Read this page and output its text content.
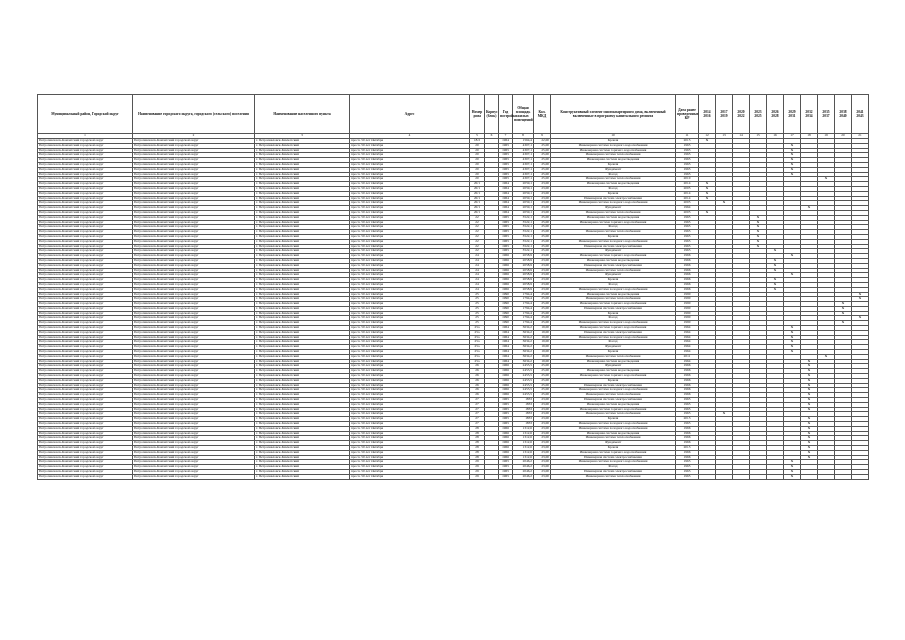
Муниципальный район, Городской округ	Наименование городского округа, городского (сельского) поселения	Наименование населенного пункта	Адрес	Номер дома	Корпус (блок)	Год постройки	Общая площадь жилых помещений	Кол. МКД	Конструктивный элемент многоквартирного дома, включенный включенные в программу капитального ремонта	Дата ранее проведенных КР	2014 2016	2017 2019	2020 2022	2023 2025	2026 2028	2029 2031	2032 2034	2035 2037	2038 2040	2041 2043
1	2	3	4	5	6	7	8	9	10	11	12	13	14	15	16	17	18	19	20	21
Петропавловск-Камчатский городской округ	Петропавловск-Камчатский городской округ	г. Петропавловск-Камчатский	просп. 50 лет Октября	18/2		1964	1564,4	22,00	Кровля	2015	X									
Петропавловск-Камчатский городской округ	Петропавловск-Камчатский городской округ	г. Петропавловск-Камчатский	просп. 50 лет Октября	20		1965	4307,1	25,00	Инженерная система холодного водоснабжения	1965						X				
Петропавловск-Камчатский городской округ	Петропавловск-Камчатский городской округ	г. Петропавловск-Камчатский	просп. 50 лет Октября	20		1965	4307,1	25,00	Инженерная система горячего водоснабжения	1965						X				
Петропавловск-Камчатский городской округ	Петропавловск-Камчатский городской округ	г. Петропавловск-Камчатский	просп. 50 лет Октября	20		1965	4307,1	25,00	Инженерная система теплоснабжения	1965						X				
Петропавловск-Камчатский городской округ	Петропавловск-Камчатский городской округ	г. Петропавловск-Камчатский	просп. 50 лет Октября	20		1965	4307,1	25,00	Инженерная система водоотведения	1965						X				
Петропавловск-Камчатский городской округ	Петропавловск-Камчатский городской округ	г. Петропавловск-Камчатский	просп. 50 лет Октября	20		1965	4307,1	25,00	Кровля	1965						X				
Петропавловск-Камчатский городской округ	Петропавловск-Камчатский городской округ	г. Петропавловск-Камчатский	просп. 50 лет Октября	20		1965	4307,1	25,00	Фундамент	1965						X				
Петропавловск-Камчатский городской округ	Петропавловск-Камчатский городской округ	г. Петропавловск-Камчатский	просп. 50 лет Октября	20		1965	4307,1	25,00	Фасад	1965						X				
Петропавловск-Камчатский городской округ	Петропавловск-Камчатский городской округ	г. Петропавловск-Камчатский	просп. 50 лет Октября	20		1965	4307,1	25,00	Инженерная система теплоснабжения	2010								X		
Петропавловск-Камчатский городской округ	Петропавловск-Камчатский городской округ	г. Петропавловск-Камчатский	просп. 50 лет Октября	20/1		1964	2059,1	23,00	Инженерная система водоотведения	2014	X									
Петропавловск-Камчатский городской округ	Петропавловск-Камчатский городской округ	г. Петропавловск-Камчатский	просп. 50 лет Октября	20/1		1964	2059,1	23,00	Фасад	2005	X									
Петропавловск-Камчатский городской округ	Петропавловск-Камчатский городской округ	г. Петропавловск-Камчатский	просп. 50 лет Октября	20/1		1964	2059,1	23,00	Кровля	2014	X									
Петропавловск-Камчатский городской округ	Петропавловск-Камчатский городской округ	г. Петропавловск-Камчатский	просп. 50 лет Октября	20/1		1964	2059,1	23,00	Инженерная система электроснабжения	2014	X									
Петропавловск-Камчатский городской округ	Петропавловск-Камчатский городской округ	г. Петропавловск-Камчатский	просп. 50 лет Октября	20/1		1964	2059,1	23,00	Инженерная система холодного водоснабжения	2005		X								
Петропавловск-Камчатский городской округ	Петропавловск-Камчатский городской округ	г. Петропавловск-Камчатский	просп. 50 лет Октября	20/1		1964	2059,1	23,00	Фундамент	1964							X			
Петропавловск-Камчатский городской округ	Петропавловск-Камчатский городской округ	г. Петропавловск-Камчатский	просп. 50 лет Октября	20/1		1964	2059,1	23,00	Инженерная система теплоснабжения	2005	X									
Петропавловск-Камчатский городской округ	Петропавловск-Камчатский городской округ	г. Петропавловск-Камчатский	просп. 50 лет Октября	22		1965	3522,1	25,00	Инженерная система водоотведения	1965				X						
Петропавловск-Камчатский городской округ	Петропавловск-Камчатский городской округ	г. Петропавловск-Камчатский	просп. 50 лет Октября	22		1965	3522,1	25,00	Инженерная система горячего водоснабжения	1965				X						
Петропавловск-Камчатский городской округ	Петропавловск-Камчатский городской округ	г. Петропавловск-Камчатский	просп. 50 лет Октября	22		1965	3522,1	25,00	Фасад	1965				X						
Петропавловск-Камчатский городской округ	Петропавловск-Камчатский городской округ	г. Петропавловск-Камчатский	просп. 50 лет Октября	22		1965	3522,1	25,00	Инженерная система теплоснабжения	1965				X						
Петропавловск-Камчатский городской округ	Петропавловск-Камчатский городской округ	г. Петропавловск-Камчатский	просп. 50 лет Октября	22		1965	3522,1	25,00	Кровля	1965				X						
Петропавловск-Камчатский городской округ	Петропавловск-Камчатский городской округ	г. Петропавловск-Камчатский	просп. 50 лет Октября	22		1965	3522,1	25,00	Инженерная система холодного водоснабжения	1965				X						
Петропавловск-Камчатский городской округ	Петропавловск-Камчатский городской округ	г. Петропавловск-Камчатский	просп. 50 лет Октября	22		1965	3522,1	25,00	Инженерная система электроснабжения	1965				X						
Петропавловск-Камчатский городской округ	Петропавловск-Камчатский городской округ	г. Петропавловск-Камчатский	просп. 50 лет Октября	22		1965	3522,1	25,00	Фундамент	1965					X					
Петропавловск-Камчатский городской округ	Петропавловск-Камчатский городской округ	г. Петропавловск-Камчатский	просп. 50 лет Октября	24		1966	2058,9	23,00	Инженерная система горячего водоснабжения	1966						X				
Петропавловск-Камчатский городской округ	Петропавловск-Камчатский городской округ	г. Петропавловск-Камчатский	просп. 50 лет Октября	24		1966	2058,9	23,00	Инженерная система водоотведения	1966					X					
Петропавловск-Камчатский городской округ	Петропавловск-Камчатский городской округ	г. Петропавловск-Камчатский	просп. 50 лет Октября	24		1966	2058,9	23,00	Инженерная система электроснабжения	1966					X					
Петропавловск-Камчатский городской округ	Петропавловск-Камчатский городской округ	г. Петропавловск-Камчатский	просп. 50 лет Октября	24		1966	2058,9	23,00	Инженерная система теплоснабжения	1966					X					
Петропавловск-Камчатский городской округ	Петропавловск-Камчатский городской округ	г. Петропавловск-Камчатский	просп. 50 лет Октября	24		1966	2058,9	23,00	Фундамент	1966						X				
Петропавловск-Камчатский городской округ	Петропавловск-Камчатский городской округ	г. Петропавловск-Камчатский	просп. 50 лет Октября	24		1966	2058,9	23,00	Кровля	1966					X					
Петропавловск-Камчатский городской округ	Петропавловск-Камчатский городской округ	г. Петропавловск-Камчатский	просп. 50 лет Октября	24		1966	2058,9	23,00	Фасад	1966					X					
Петропавловск-Камчатский городской округ	Петропавловск-Камчатский городской округ	г. Петропавловск-Камчатский	просп. 50 лет Октября	24		1966	2058,9	23,00	Инженерная система холодного водоснабжения	1966					X					
Петропавловск-Камчатский городской округ	Петропавловск-Камчатский городской округ	г. Петропавловск-Камчатский	просп. 50 лет Октября	25		1990	1794,4	25,00	Инженерная система водоотведения	1990										X
Петропавловск-Камчатский городской округ	Петропавловск-Камчатский городской округ	г. Петропавловск-Камчатский	просп. 50 лет Октября	25		1990	1794,4	25,00	Инженерная система теплоснабжения	1990										X
Петропавловск-Камчатский городской округ	Петропавловск-Камчатский городской округ	г. Петропавловск-Камчатский	просп. 50 лет Октября	25		1990	1794,4	25,00	Инженерная система горячего водоснабжения	1990									X	
Петропавловск-Камчатский городской округ	Петропавловск-Камчатский городской округ	г. Петропавловск-Камчатский	просп. 50 лет Октября	25		1990	1794,4	25,00	Инженерная система электроснабжения	1990									X	
Петропавловск-Камчатский городской округ	Петропавловск-Камчатский городской округ	г. Петропавловск-Камчатский	просп. 50 лет Октября	25		1990	1794,4	25,00	Кровля	1990									X	
Петропавловск-Камчатский городской округ	Петропавловск-Камчатский городской округ	г. Петропавловск-Камчатский	просп. 50 лет Октября	25		1990	1794,4	25,00	Фасад	1990										X
Петропавловск-Камчатский городской округ	Петропавловск-Камчатский городской округ	г. Петропавловск-Камчатский	просп. 50 лет Октября	25		1990	1794,4	25,00	Инженерная система холодного водоснабжения	1990									X	
Петропавловск-Камчатский городской округ	Петропавловск-Камчатский городской округ	г. Петропавловск-Камчатский	просп. 50 лет Октября	25а		1964	3634,2	19,00	Инженерная система горячего водоснабжения	1964						X				
Петропавловск-Камчатский городской округ	Петропавловск-Камчатский городской округ	г. Петропавловск-Камчатский	просп. 50 лет Октября	25а		1964	3634,2	19,00	Инженерная система электроснабжения	1964						X				
Петропавловск-Камчатский городской округ	Петропавловск-Камчатский городской округ	г. Петропавловск-Камчатский	просп. 50 лет Октября	25а		1964	3634,2	19,00	Инженерная система холодного водоснабжения	1964						X				
Петропавловск-Камчатский городской округ	Петропавловск-Камчатский городской округ	г. Петропавловск-Камчатский	просп. 50 лет Октября	25а		1964	3634,2	19,00	Фасад	1964						X				
Петропавловск-Камчатский городской округ	Петропавловск-Камчатский городской округ	г. Петропавловск-Камчатский	просп. 50 лет Октября	25а		1964	3634,2	19,00	Фундамент	1964						X				
Петропавловск-Камчатский городской округ	Петропавловск-Камчатский городской округ	г. Петропавловск-Камчатский	просп. 50 лет Октября	25а		1964	3634,2	19,00	Кровля	1964						X				
Петропавловск-Камчатский городской округ	Петропавловск-Камчатский городской округ	г. Петропавловск-Камчатский	просп. 50 лет Октября	25а		1964	3634,2	19,00	Инженерная система теплоснабжения	2011								X		
Петропавловск-Камчатский городской округ	Петропавловск-Камчатский городской округ	г. Петропавловск-Камчатский	просп. 50 лет Октября	25а		1964	3634,2	19,00	Инженерная система водоотведения	1964							X			
Петропавловск-Камчатский городской округ	Петропавловск-Камчатский городской округ	г. Петропавловск-Камчатский	просп. 50 лет Октября	26		1966	2453,5	25,00	Фундамент	1966							X			
Петропавловск-Камчатский городской округ	Петропавловск-Камчатский городской округ	г. Петропавловск-Камчатский	просп. 50 лет Октября	26		1966	2453,5	25,00	Инженерная система водоотведения	1966							X			
Петропавловск-Камчатский городской округ	Петропавловск-Камчатский городской округ	г. Петропавловск-Камчатский	просп. 50 лет Октября	26		1966	2453,5	25,00	Инженерная система горячего водоснабжения	1966							X			
Петропавловск-Камчатский городской округ	Петропавловск-Камчатский городской округ	г. Петропавловск-Камчатский	просп. 50 лет Октября	26		1966	2453,5	25,00	Кровля	1966							X			
Петропавловск-Камчатский городской округ	Петропавловск-Камчатский городской округ	г. Петропавловск-Камчатский	просп. 50 лет Октября	26		1966	2453,5	25,00	Инженерная система электроснабжения	1966							X			
Петропавловск-Камчатский городской округ	Петропавловск-Камчатский городской округ	г. Петропавловск-Камчатский	просп. 50 лет Октября	26		1966	2453,5	25,00	Инженерная система холодного водоснабжения	1966							X			
Петропавловск-Камчатский городской округ	Петропавловск-Камчатский городской округ	г. Петропавловск-Камчатский	просп. 50 лет Октября	26		1966	2453,5	25,00	Инженерная система теплоснабжения	1966							X			
Петропавловск-Камчатский городской округ	Петропавловск-Камчатский городской округ	г. Петропавловск-Камчатский	просп. 50 лет Октября	27		1965	1833	23,00	Инженерная система электроснабжения	1965							X			
Петропавловск-Камчатский городской округ	Петропавловск-Камчатский городской округ	г. Петропавловск-Камчатский	просп. 50 лет Октября	27		1965	1833	23,00	Инженерная система водоотведения	1965							X			
Петропавловск-Камчатский городской округ	Петропавловск-Камчатский городской округ	г. Петропавловск-Камчатский	просп. 50 лет Октября	27		1965	1833	23,00	Инженерная система горячего водоснабжения	1965							X			
Петропавловск-Камчатский городской округ	Петропавловск-Камчатский городской округ	г. Петропавловск-Камчатский	просп. 50 лет Октября	27		1965	1833	23,00	Инженерная система теплоснабжения	1965		X								
Петропавловск-Камчатский городской округ	Петропавловск-Камчатский городской округ	г. Петропавловск-Камчатский	просп. 50 лет Октября	27		1965	1833	23,00	Кровля	2013							X			
Петропавловск-Камчатский городской округ	Петропавловск-Камчатский городской округ	г. Петропавловск-Камчатский	просп. 50 лет Октября	27		1965	1833	23,00	Инженерная система холодного водоснабжения	1965							X			
Петропавловск-Камчатский городской округ	Петропавловск-Камчатский городской округ	г. Петропавловск-Камчатский	просп. 50 лет Октября	28		1966	1312,6	23,00	Инженерная система холодного водоснабжения	1966							X			
Петропавловск-Камчатский городской округ	Петропавловск-Камчатский городской округ	г. Петропавловск-Камчатский	просп. 50 лет Октября	28		1966	1312,6	23,00	Инженерная система водоотведения	1966							X			
Петропавловск-Камчатский городской округ	Петропавловск-Камчатский городской округ	г. Петропавловск-Камчатский	просп. 50 лет Октября	28		1966	1312,6	23,00	Инженерная система теплоснабжения	1966							X			
Петропавловск-Камчатский городской округ	Петропавловск-Камчатский городской округ	г. Петропавловск-Камчатский	просп. 50 лет Октября	28		1966	1312,6	23,00	Фундамент	1966							X			
Петропавловск-Камчатский городской округ	Петропавловск-Камчатский городской округ	г. Петропавловск-Камчатский	просп. 50 лет Октября	28		1966	1312,6	23,00	Кровля	2013							X			
Петропавловск-Камчатский городской округ	Петропавловск-Камчатский городской округ	г. Петропавловск-Камчатский	просп. 50 лет Октября	28		1966	1312,6	23,00	Инженерная система горячего водоснабжения	1966							X			
Петропавловск-Камчатский городской округ	Петропавловск-Камчатский городской округ	г. Петропавловск-Камчатский	просп. 50 лет Октября	28		1966	1312,6	23,00	Инженерная система электроснабжения	1966							X			
Петропавловск-Камчатский городской округ	Петропавловск-Камчатский городской округ	г. Петропавловск-Камчатский	просп. 50 лет Октября	29		1965	2046,2	23,00	Инженерная система холодного водоснабжения	1965						X				
Петропавловск-Камчатский городской округ	Петропавловск-Камчатский городской округ	г. Петропавловск-Камчатский	просп. 50 лет Октября	29		1965	2046,2	23,00	Фасад	1965						X				
Петропавловск-Камчатский городской округ	Петропавловск-Камчатский городской округ	г. Петропавловск-Камчатский	просп. 50 лет Октября	29		1965	2046,2	23,00	Инженерная система электроснабжения	1965						X				
Петропавловск-Камчатский городской округ	Петропавловск-Камчатский городской округ	г. Петропавловск-Камчатский	просп. 50 лет Октября	29		1965	2046,2	23,00	Инженерная система теплоснабжения	1965						X				
